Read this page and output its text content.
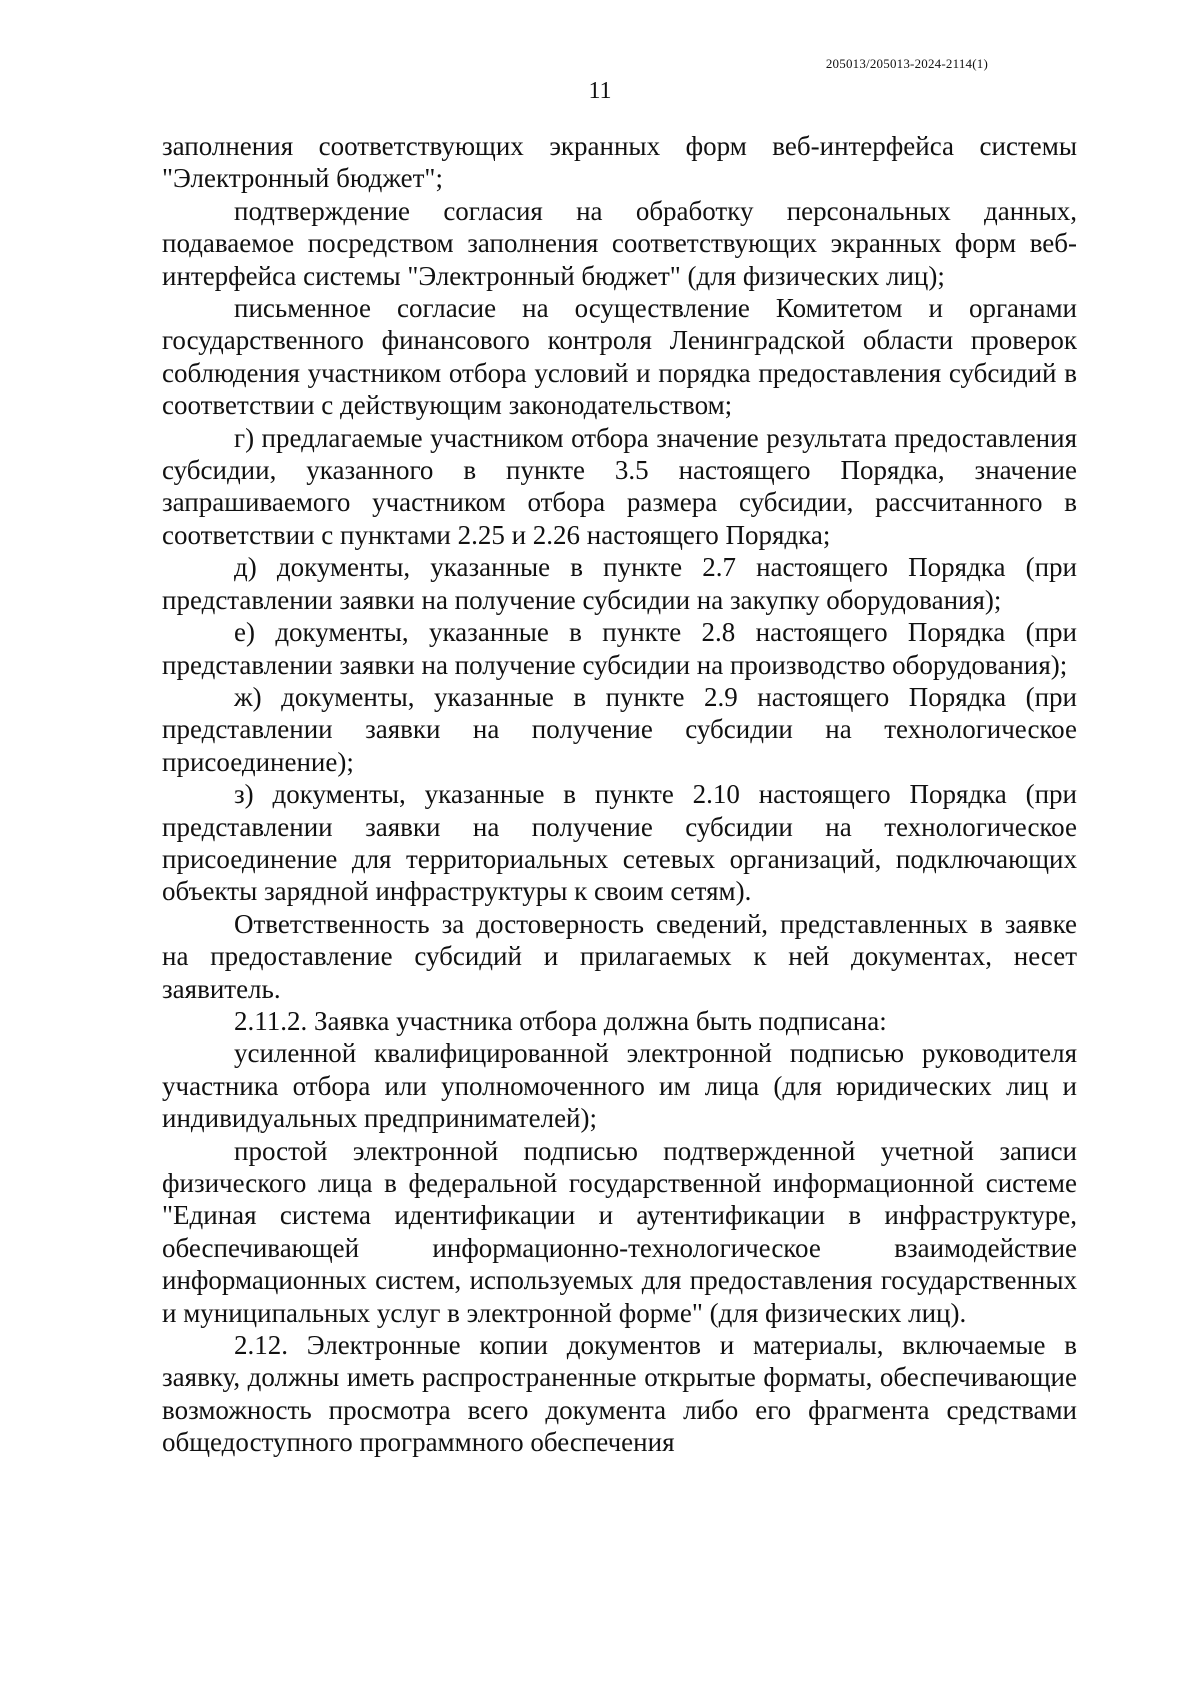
205013/205013-2024-2114(1)
11

заполнения соответствующих экранных форм веб-интерфейса системы "Электронный бюджет";

подтверждение согласия на обработку персональных данных, подаваемое посредством заполнения соответствующих экранных форм веб-интерфейса системы "Электронный бюджет" (для физических лиц);

письменное согласие на осуществление Комитетом и органами государственного финансового контроля Ленинградской области проверок соблюдения участником отбора условий и порядка предоставления субсидий в соответствии с действующим законодательством;

г) предлагаемые участником отбора значение результата предоставления субсидии, указанного в пункте 3.5 настоящего Порядка, значение запрашиваемого участником отбора размера субсидии, рассчитанного в соответствии с пунктами 2.25 и 2.26 настоящего Порядка;

д) документы, указанные в пункте 2.7 настоящего Порядка (при представлении заявки на получение субсидии на закупку оборудования);

е) документы, указанные в пункте 2.8 настоящего Порядка (при представлении заявки на получение субсидии на производство оборудования);

ж) документы, указанные в пункте 2.9 настоящего Порядка (при представлении заявки на получение субсидии на технологическое присоединение);

з) документы, указанные в пункте 2.10 настоящего Порядка (при представлении заявки на получение субсидии на технологическое присоединение для территориальных сетевых организаций, подключающих объекты зарядной инфраструктуры к своим сетям).

Ответственность за достоверность сведений, представленных в заявке на предоставление субсидий и прилагаемых к ней документах, несет заявитель.

2.11.2. Заявка участника отбора должна быть подписана:

усиленной квалифицированной электронной подписью руководителя участника отбора или уполномоченного им лица (для юридических лиц и индивидуальных предпринимателей);

простой электронной подписью подтвержденной учетной записи физического лица в федеральной государственной информационной системе "Единая система идентификации и аутентификации в инфраструктуре, обеспечивающей информационно-технологическое взаимодействие информационных систем, используемых для предоставления государственных и муниципальных услуг в электронной форме" (для физических лиц).

2.12. Электронные копии документов и материалы, включаемые в заявку, должны иметь распространенные открытые форматы, обеспечивающие возможность просмотра всего документа либо его фрагмента средствами общедоступного программного обеспечения
